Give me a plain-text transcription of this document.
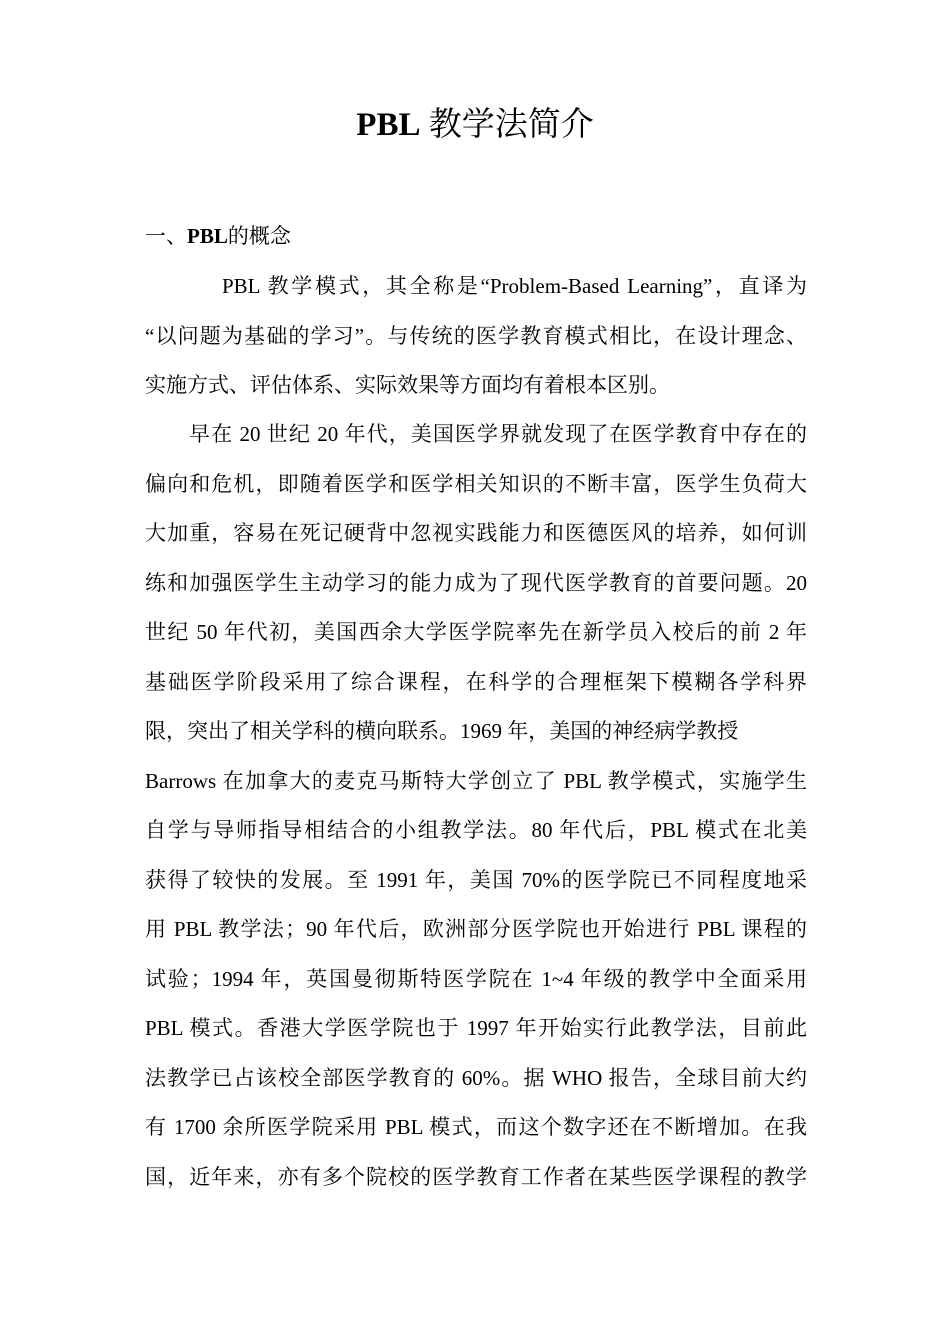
PBL 教学法简介
一、PBL的概念

PBL 教学模式，其全称是“Problem-Based Learning”，直译为
“以问题为基础的学习”。与传统的医学教育模式相比，在设计理念、
实施方式、评估体系、实际效果等方面均有着根本区别。

早在 20 世纪 20 年代，美国医学界就发现了在医学教育中存在的
偏向和危机，即随着医学和医学相关知识的不断丰富，医学生负荷大
大加重，容易在死记硬背中忽视实践能力和医德医风的培养，如何训
练和加强医学生主动学习的能力成为了现代医学教育的首要问题。20
世纪 50 年代初，美国西余大学医学院率先在新学员入校后的前 2 年
基础医学阶段采用了综合课程，在科学的合理框架下模糊各学科界
限，突出了相关学科的横向联系。1969 年，美国的神经病学教授
Barrows 在加拿大的麦克马斯特大学创立了 PBL 教学模式，实施学生
自学与导师指导相结合的小组教学法。80 年代后，PBL 模式在北美
获得了较快的发展。至 1991 年，美国 70%的医学院已不同程度地采
用 PBL 教学法；90 年代后，欧洲部分医学院也开始进行 PBL 课程的
试验；1994 年，英国曼彻斯特医学院在 1~4 年级的教学中全面采用
PBL 模式。香港大学医学院也于 1997 年开始实行此教学法，目前此
法教学已占该校全部医学教育的 60%。据 WHO 报告，全球目前大约
有 1700 余所医学院采用 PBL 模式，而这个数字还在不断增加。在我
国，近年来，亦有多个院校的医学教育工作者在某些医学课程的教学
